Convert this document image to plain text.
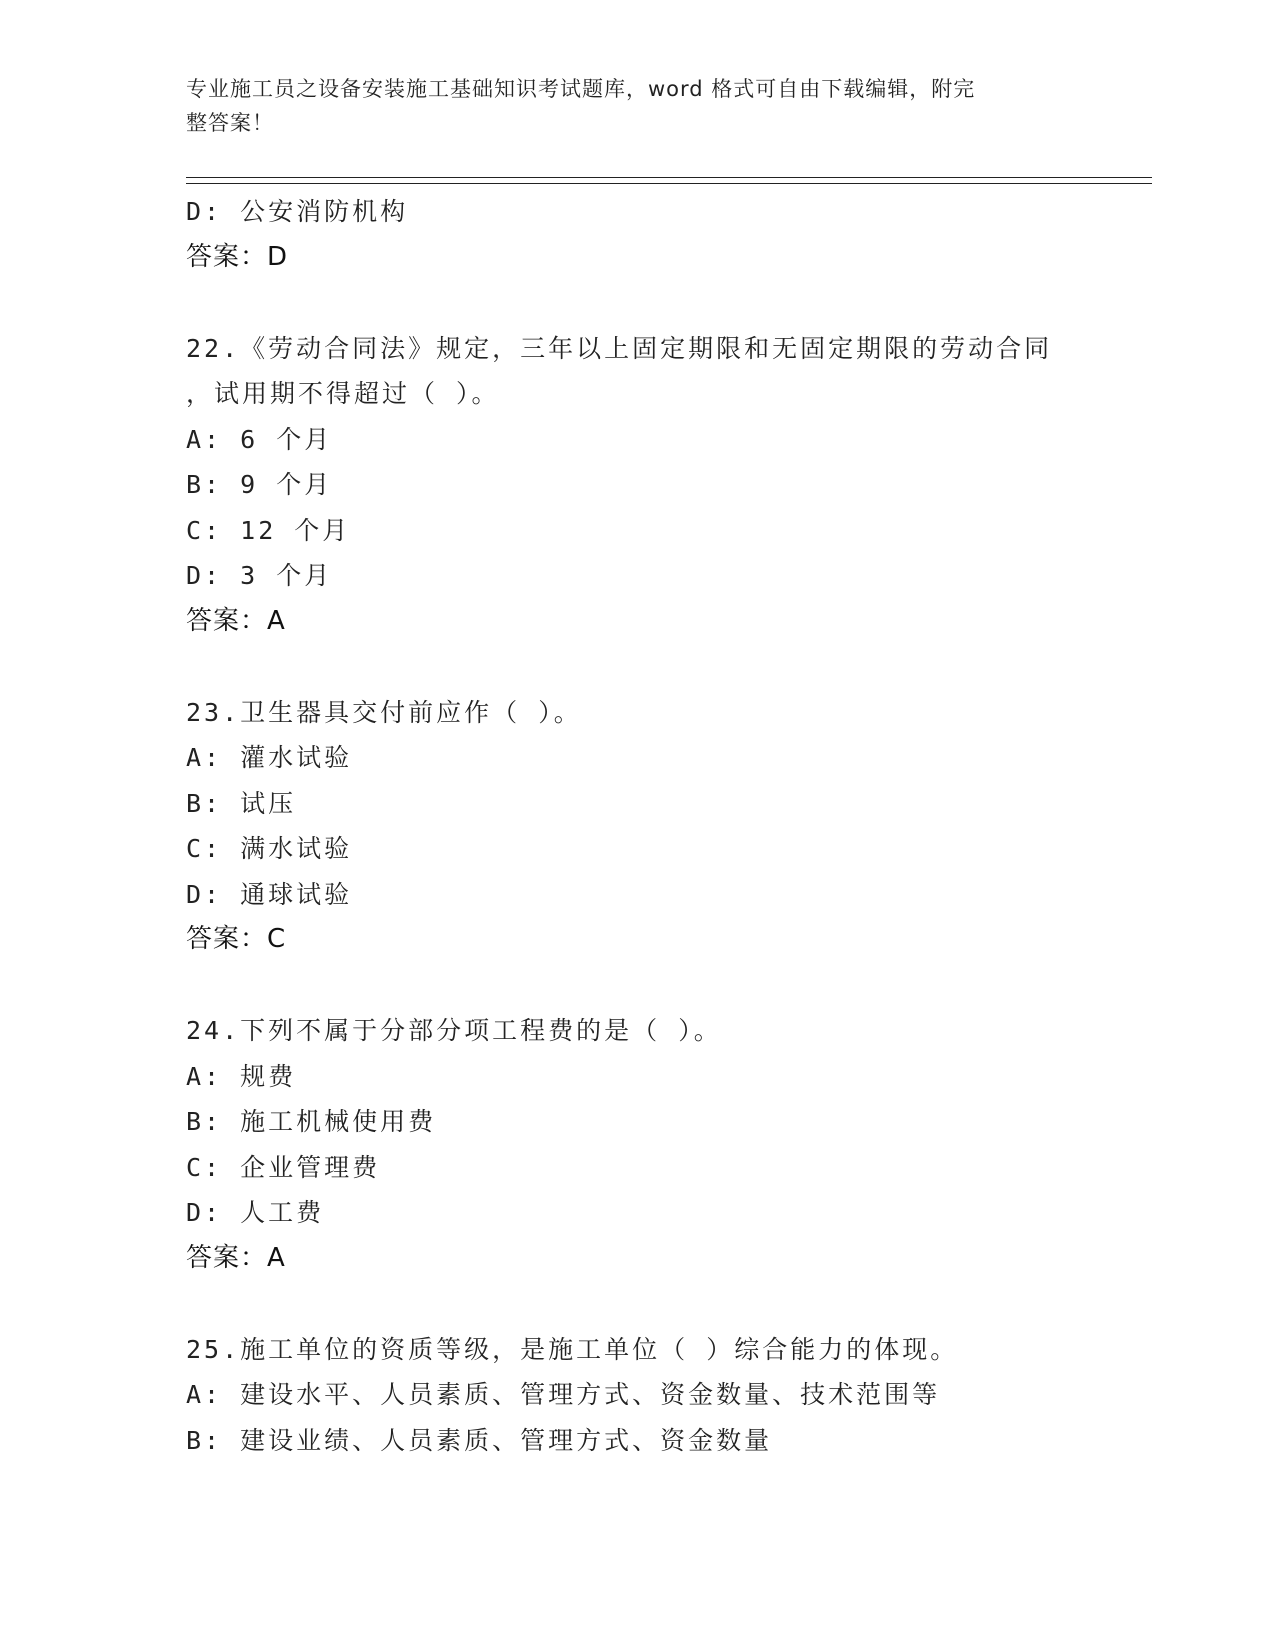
专业施工员之设备安装施工基础知识考试题库，word 格式可自由下载编辑，附完
整答案！
D: 公安消防机构
答案：D
22.《劳动合同法》规定，三年以上固定期限和无固定期限的劳动合同
，试用期不得超过（ ）。
A: 6 个月
B: 9 个月
C: 12 个月
D: 3 个月
答案：A
23.卫生器具交付前应作（ ）。
A: 灌水试验
B: 试压
C: 满水试验
D: 通球试验
答案：C
24.下列不属于分部分项工程费的是（ ）。
A: 规费
B: 施工机械使用费
C: 企业管理费
D: 人工费
答案：A
25.施工单位的资质等级，是施工单位（ ）综合能力的体现。
A: 建设水平、人员素质、管理方式、资金数量、技术范围等
B: 建设业绩、人员素质、管理方式、资金数量
